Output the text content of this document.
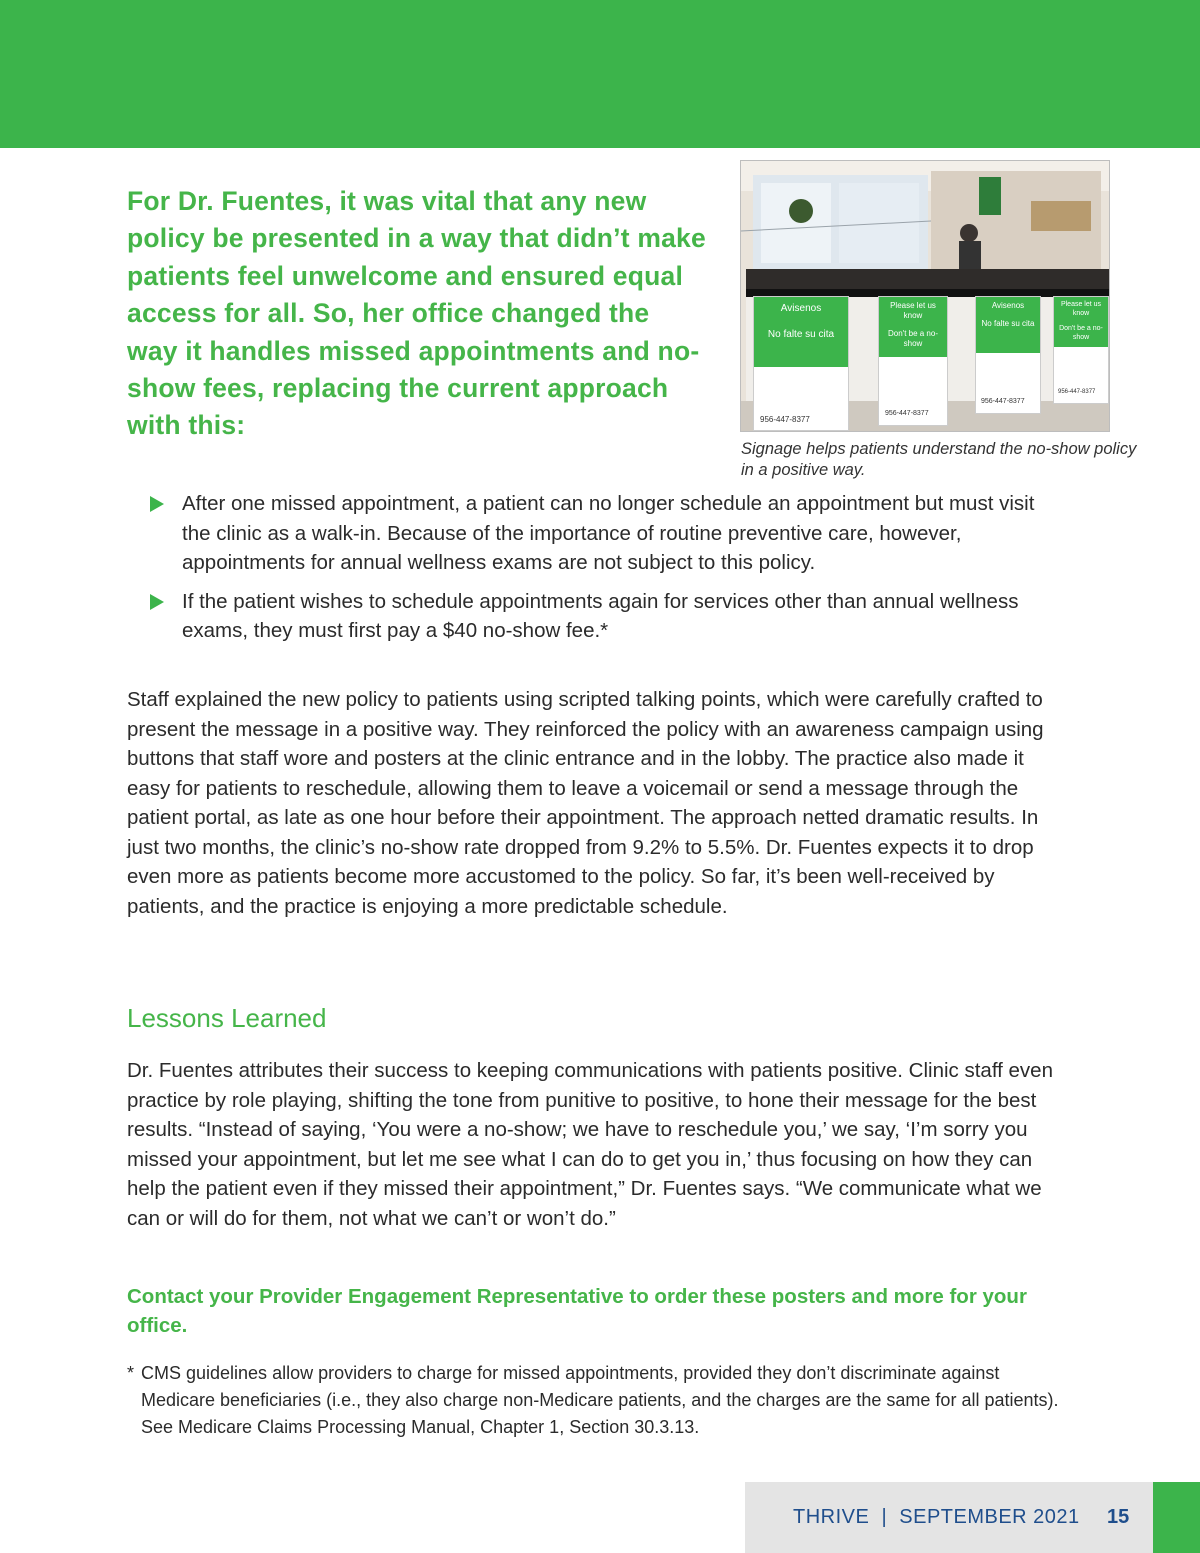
For Dr. Fuentes, it was vital that any new policy be presented in a way that didn’t make patients feel unwelcome and ensured equal access for all. So, her office changed the way it handles missed appointments and no-show fees, replacing the current approach with this:

Avisenos
No falte su cita
956-447-8377
Please let us know
Don't be a no-show
956-447-8377
Avisenos
No falte su cita
956-447-8377
Please let us know
Don't be a no-show
956-447-8377

Signage helps patients understand the no-show policy in a positive way.

After one missed appointment, a patient can no longer schedule an appointment but must visit the clinic as a walk-in. Because of the importance of routine preventive care, however, appointments for annual wellness exams are not subject to this policy.
If the patient wishes to schedule appointments again for services other than annual wellness exams, they must first pay a $40 no-show fee.*

Staff explained the new policy to patients using scripted talking points, which were carefully crafted to present the message in a positive way. They reinforced the policy with an awareness campaign using buttons that staff wore and posters at the clinic entrance and in the lobby. The practice also made it easy for patients to reschedule, allowing them to leave a voicemail or send a message through the patient portal, as late as one hour before their appointment. The approach netted dramatic results. In just two months, the clinic’s no-show rate dropped from 9.2% to 5.5%. Dr. Fuentes expects it to drop even more as patients become more accustomed to the policy. So far, it’s been well-received by patients, and the practice is enjoying a more predictable schedule.

Lessons Learned

Dr. Fuentes attributes their success to keeping communications with patients positive. Clinic staff even practice by role playing, shifting the tone from punitive to positive, to hone their message for the best results. “Instead of saying, ‘You were a no-show; we have to reschedule you,’ we say, ‘I’m sorry you missed your appointment, but let me see what I can do to get you in,’ thus focusing on how they can help the patient even if they missed their appointment,” Dr. Fuentes says. “We communicate what we can or will do for them, not what we can’t or won’t do.”

Contact your Provider Engagement Representative to order these posters and more for your office.

* CMS guidelines allow providers to charge for missed appointments, provided they don’t discriminate against Medicare beneficiaries (i.e., they also charge non-Medicare patients, and the charges are the same for all patients). See Medicare Claims Processing Manual, Chapter 1, Section 30.3.13.
THRIVE  |  SEPTEMBER 2021 15
